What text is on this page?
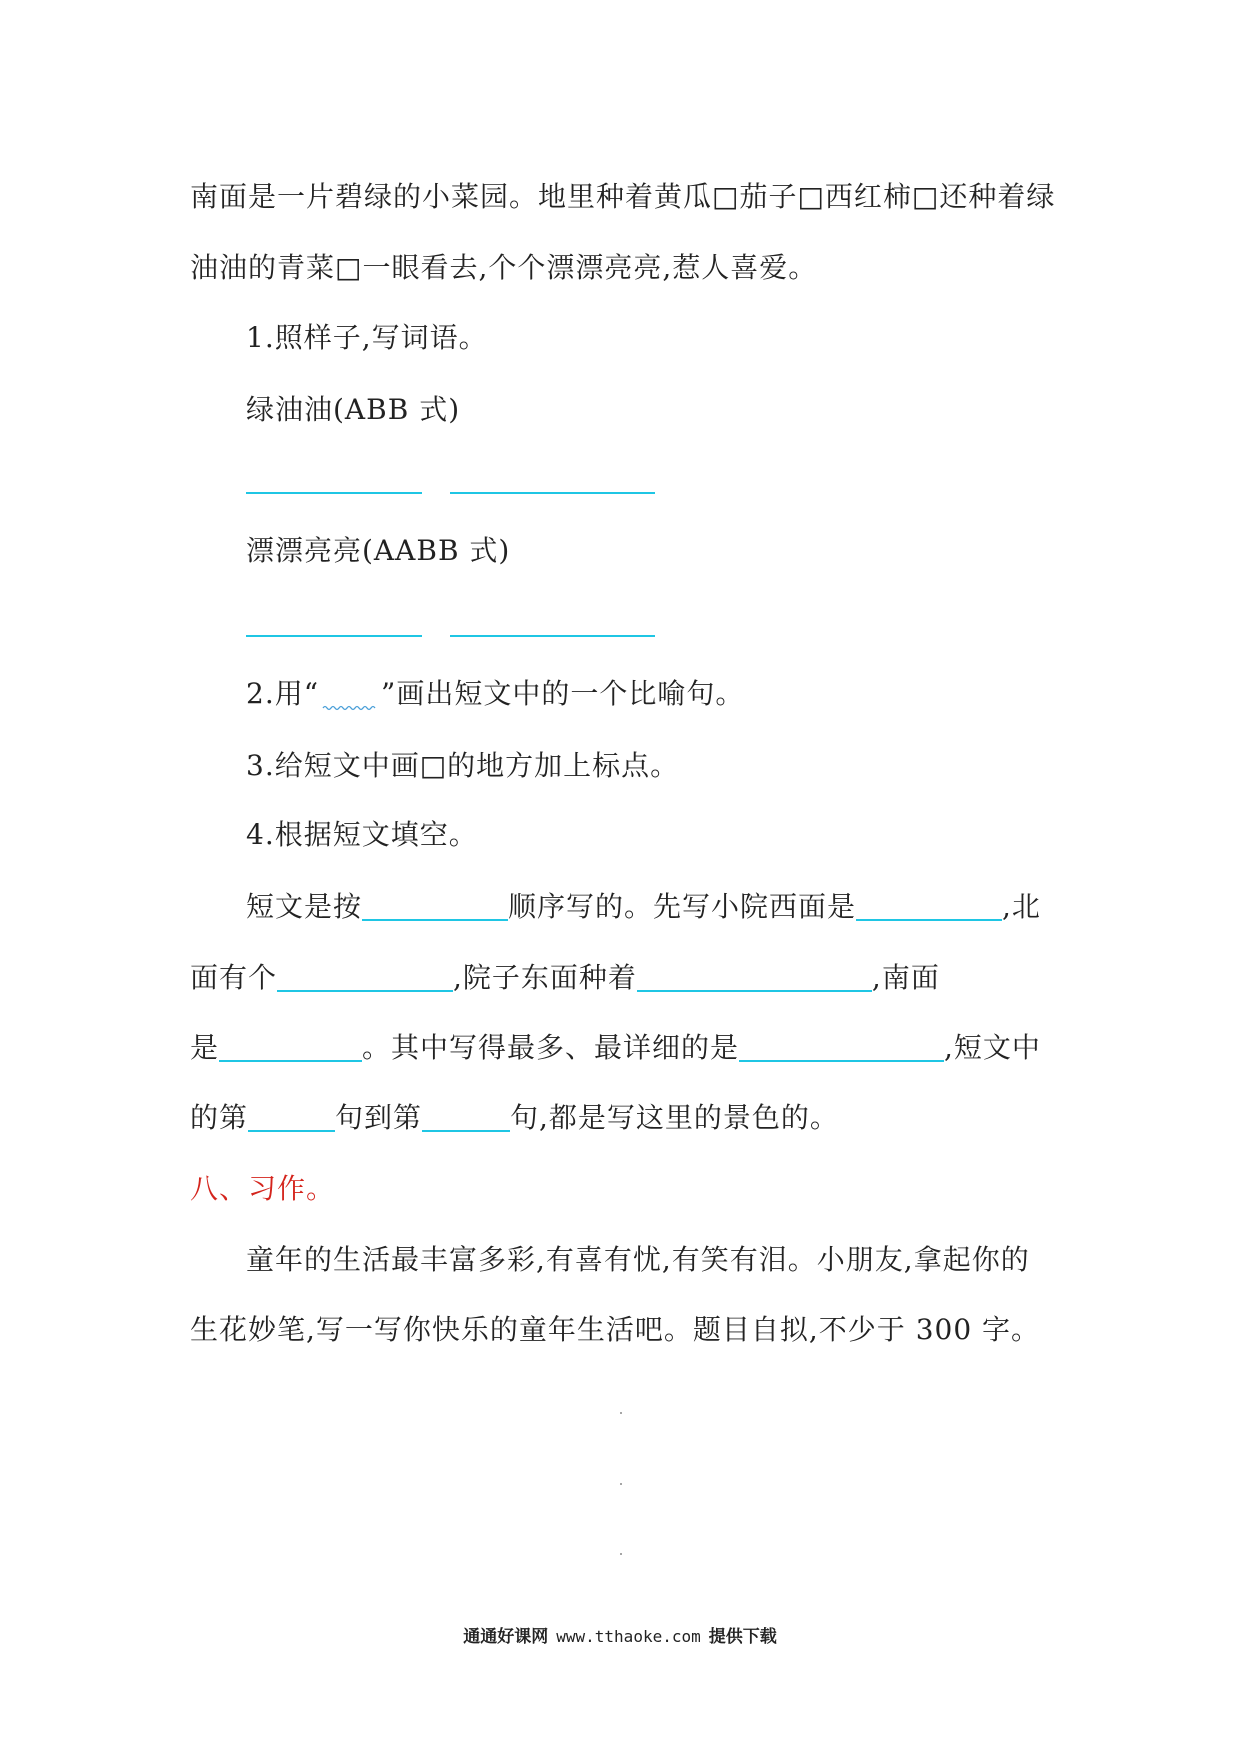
南面是一片碧绿的小菜园。地里种着黄瓜□茄子□西红柿□还种着绿
油油的青菜□一眼看去,个个漂漂亮亮,惹人喜爱。
1.照样子,写词语。
绿油油(ABB 式)
漂漂亮亮(AABB 式)
2.用“ ”画出短文中的一个比喻句。
3.给短文中画□的地方加上标点。
4.根据短文填空。
短文是按	顺序写的。先写小院西面是	,北
面有个	,院子东面种着	,南面
是	。其中写得最多、最详细的是	,短文中
的第	句到第	句,都是写这里的景色的。
八、习作。
童年的生活最丰富多彩,有喜有忧,有笑有泪。小朋友,拿起你的
生花妙笔,写一写你快乐的童年生活吧。题目自拟,不少于 300 字。
通通好课网 www.tthaoke.com 提供下载
